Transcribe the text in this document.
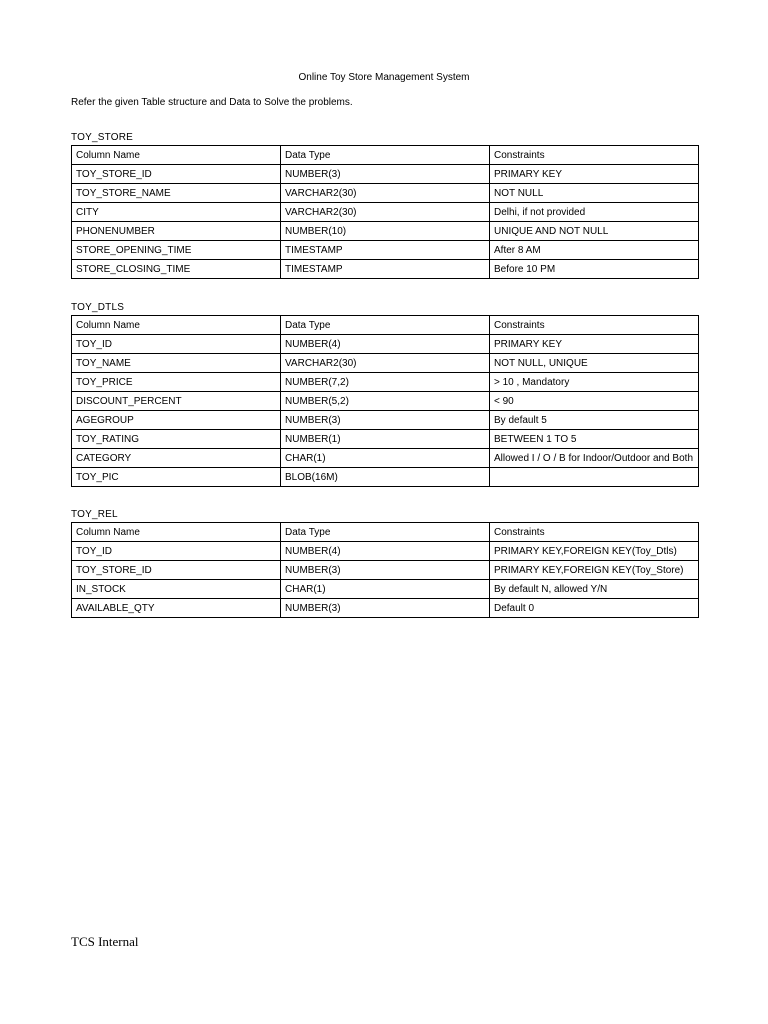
Online Toy Store Management System
Refer the given Table structure and Data to Solve the problems.
TOY_STORE
Column Name	Data Type	Constraints
TOY_STORE_ID	NUMBER(3)	PRIMARY KEY
TOY_STORE_NAME	VARCHAR2(30)	NOT NULL
CITY	VARCHAR2(30)	Delhi, if not provided
PHONENUMBER	NUMBER(10)	UNIQUE AND NOT NULL
STORE_OPENING_TIME	TIMESTAMP	After 8 AM
STORE_CLOSING_TIME	TIMESTAMP	Before 10 PM
TOY_DTLS
Column Name	Data Type	Constraints
TOY_ID	NUMBER(4)	PRIMARY KEY
TOY_NAME	VARCHAR2(30)	NOT NULL, UNIQUE
TOY_PRICE	NUMBER(7,2)	> 10 , Mandatory
DISCOUNT_PERCENT	NUMBER(5,2)	< 90
AGEGROUP	NUMBER(3)	By default 5
TOY_RATING	NUMBER(1)	BETWEEN 1 TO 5
CATEGORY	CHAR(1)	Allowed I / O / B for Indoor/Outdoor and Both
TOY_PIC	BLOB(16M)	
TOY_REL
Column Name	Data Type	Constraints
TOY_ID	NUMBER(4)	PRIMARY KEY,FOREIGN KEY(Toy_Dtls)
TOY_STORE_ID	NUMBER(3)	PRIMARY KEY,FOREIGN KEY(Toy_Store)
IN_STOCK	CHAR(1)	By default N, allowed Y/N
AVAILABLE_QTY	NUMBER(3)	Default 0
TCS Internal
